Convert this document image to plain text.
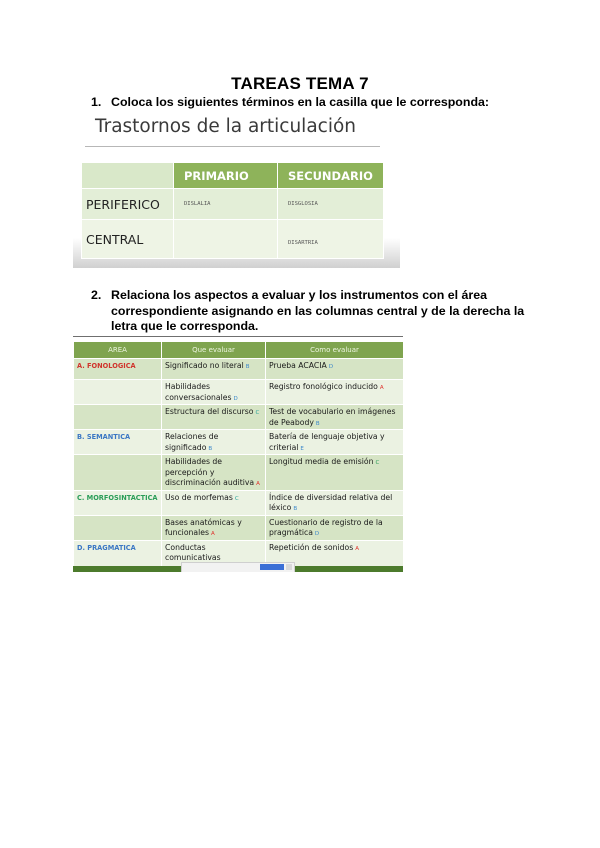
TAREAS TEMA 7
1. Coloca los siguientes términos en la casilla que le corresponda:
Trastornos de la articulación
	PRIMARIO	SECUNDARIO
PERIFERICO	DISLALIA	DISGLOSIA
CENTRAL		DISARTRIA
2. Relaciona los aspectos a evaluar y los instrumentos con el área
correspondiente asignando en las columnas central y de la derecha la
letra que le corresponda.
AREA	Que evaluar	Como evaluar
A. FONOLOGICA	Significado no literal B	Prueba ACACIA D
	Habilidades conversacionales D	Registro fonológico inducido A
	Estructura del discurso C	Test de vocabulario en imágenes de Peabody B
B. SEMANTICA	Relaciones de significado B	Batería de lenguaje objetiva y criterial E
	Habilidades de percepción y discriminación auditiva A	Longitud media de emisión C
C. MORFOSINTACTICA	Uso de morfemas C	Índice de diversidad relativa del léxico B
	Bases anatómicas y funcionales A	Cuestionario de registro de la pragmática D
D. PRAGMATICA	Conductas comunicativas	Repetición de sonidos A
